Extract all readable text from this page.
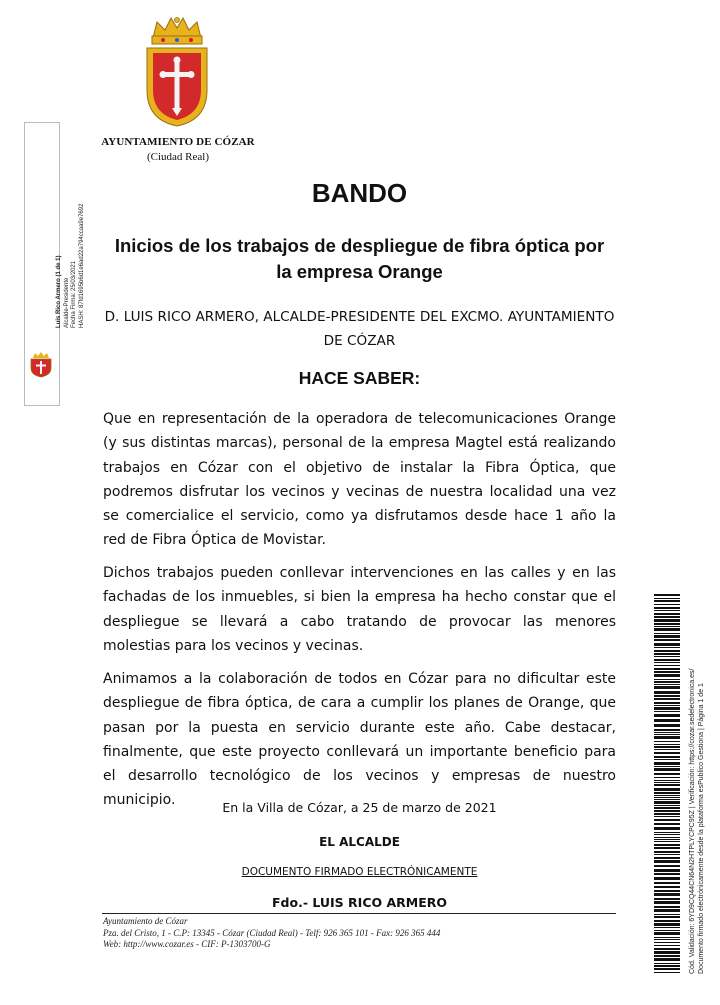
AYUNTAMIENTO DE CÓZAR
(Ciudad Real)
BANDO
Inicios de los trabajos de despliegue de fibra óptica por
la empresa Orange
D. LUIS RICO ARMERO, ALCALDE-PRESIDENTE DEL EXCMO. AYUNTAMIENTO
DE CÓZAR
HACE SABER:

Que en representación de la operadora de telecomunicaciones Orange (y sus distintas marcas), personal de la empresa Magtel está realizando trabajos en Cózar con el objetivo de instalar la Fibra Óptica, que podremos disfrutar los vecinos y vecinas de nuestra localidad una vez se comercialice el servicio, como ya disfrutamos desde hace 1 año la red de Fibra Óptica de Movistar.

Dichos trabajos pueden conllevar intervenciones en las calles y en las fachadas de los inmuebles, si bien la empresa ha hecho constar que el despliegue se llevará a cabo tratando de provocar las menores molestias para los vecinos y vecinas.

Animamos a la colaboración de todos en Cózar para no dificultar este despliegue de fibra óptica, de cara a cumplir los planes de Orange, que pasan por la puesta en servicio durante este año. Cabe destacar, finalmente, que este proyecto conllevará un importante beneficio para el desarrollo tecnológico de los vecinos y empresas de nuestro municipio.	En la Villa de Cózar, a 25 de marzo de 2021
EL ALCALDE
DOCUMENTO FIRMADO ELECTRÓNICAMENTE
Fdo.- LUIS RICO ARMERO
Ayuntamiento de Cózar
Pza. del Cristo, 1 - C.P: 13345 - Cózar (Ciudad Real) - Telf: 926 365 101 - Fax: 926 365 444
Web: http://www.cozar.es - CIF: P-1303700-G
Luis Rico Armero (1 de 1) Alcalde-Presidente Fecha Firma: 25/03/2021 HASH: 87fd1695b6d1e6ad22a794ccaa9e7692
Cód. Validación: 6YD9CQ44CN64N2HTPLYCPC95Z | Verificación: https://cozar.sedelectronica.es/ Documento firmado electrónicamente desde la plataforma esPublico Gestiona | Página 1 de 1
